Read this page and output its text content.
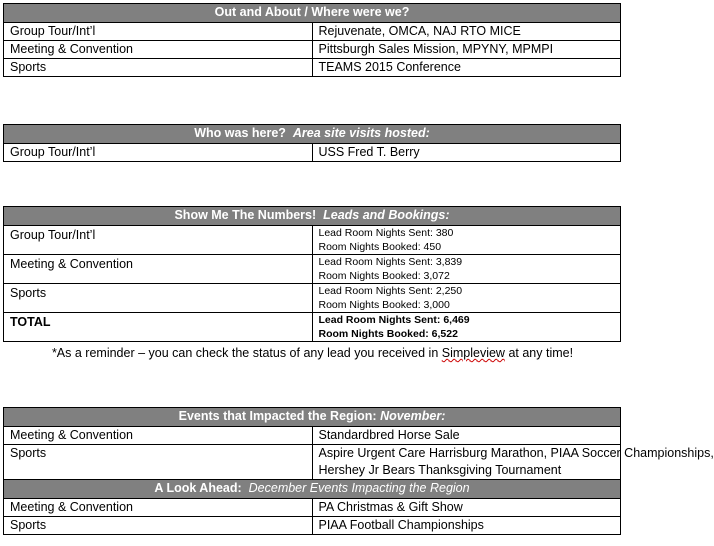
Out and About / Where were we?	
Group Tour/Int’l	Rejuvenate, OMCA, NAJ RTO MICE
Meeting & Convention	Pittsburgh Sales Mission, MPYNY, MPMPI
Sports	TEAMS 2015 Conference
Who was here? Area site visits hosted:
Group Tour/Int’l	USS Fred T. Berry
Show Me The Numbers! Leads and Bookings:	
Group Tour/Int’l	Lead Room Nights Sent: 380
Room Nights Booked: 450

Meeting & Convention	Lead Room Nights Sent: 3,839
Room Nights Booked: 3,072

Sports	Lead Room Nights Sent: 2,250
Room Nights Booked: 3,000

TOTAL	Lead Room Nights Sent: 6,469
Room Nights Booked: 6,522
*As a reminder – you can check the status of any lead you received in Simpleview at any time!
Events that Impacted the Region: November:	
Meeting & Convention	Standardbred Horse Sale
Sports	Aspire Urgent Care Harrisburg Marathon, PIAA Soccer Championships,
Hershey Jr Bears Thanksgiving Tournament

A Look Ahead: December Events Impacting the Region	
Meeting & Convention	PA Christmas & Gift Show
Sports	PIAA Football Championships
